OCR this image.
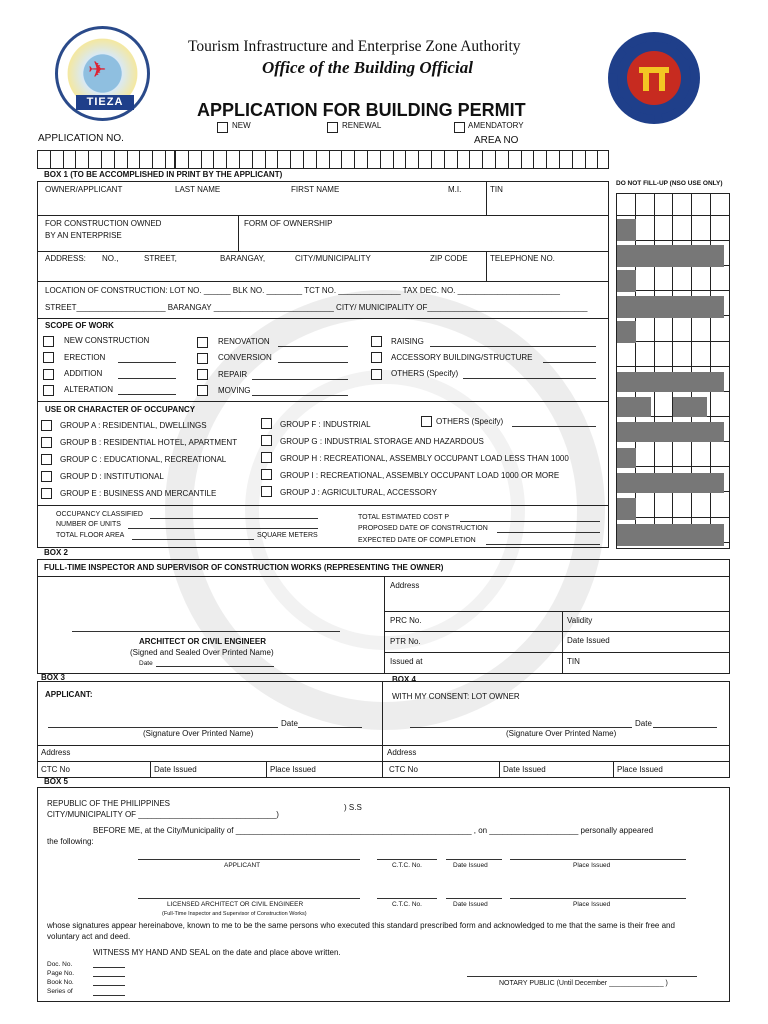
TIEZA
✈
Tourism Infrastructure and Enterprise Zone Authority
Office of the Building Official
APPLICATION FOR BUILDING PERMIT
NEW	RENEWAL	AMENDATORY
APPLICATION NO.	AREA NO
BOX 1 (TO BE ACCOMPLISHED IN PRINT BY THE APPLICANT)
DO NOT FILL-UP (NSO USE ONLY)
OWNER/APPLICANT	LAST NAME	FIRST NAME	M.I.	TIN
FOR CONSTRUCTION OWNED
BY AN ENTERPRISE
FORM OF OWNERSHIP
ADDRESS: NO.,	STREET,	BARANGAY,	CITY/MUNICIPALITY	ZIP CODE	TELEPHONE NO.
LOCATION OF CONSTRUCTION: LOT NO. ______ BLK NO. ________ TCT NO. ______________ TAX DEC. NO. _______________________
STREET____________________ BARANGAY ___________________________ CITY/ MUNICIPALITY OF____________________________________
SCOPE OF WORK
NEW CONSTRUCTION
ERECTION
ADDITION
ALTERATION
RENOVATION
CONVERSION
REPAIR
MOVING
RAISING
ACCESSORY BUILDING/STRUCTURE
OTHERS (Specify)
USE OR CHARACTER OF OCCUPANCY
GROUP A : RESIDENTIAL, DWELLINGS
GROUP B : RESIDENTIAL HOTEL, APARTMENT
GROUP C : EDUCATIONAL, RECREATIONAL
GROUP D : INSTITUTIONAL
GROUP E : BUSINESS AND MERCANTILE
GROUP F : INDUSTRIAL
GROUP G : INDUSTRIAL STORAGE AND HAZARDOUS
GROUP H : RECREATIONAL, ASSEMBLY OCCUPANT LOAD LESS THAN 1000
GROUP I : RECREATIONAL, ASSEMBLY OCCUPANT LOAD 1000 OR MORE
GROUP J : AGRICULTURAL, ACCESSORY
OTHERS (Specify)
OCCUPANCY CLASSIFIED
NUMBER OF UNITS
TOTAL FLOOR AREA	SQUARE METERS
TOTAL ESTIMATED COST P
PROPOSED DATE OF CONSTRUCTION
EXPECTED DATE OF COMPLETION
BOX 2
FULL-TIME INSPECTOR AND SUPERVISOR OF CONSTRUCTION WORKS (REPRESENTING THE OWNER)
Address
PRC No.	Validity
PTR No.	Date Issued
Issued at	TIN
ARCHITECT OR CIVIL ENGINEER
(Signed and Sealed Over Printed Name)
Date
BOX 3	BOX 4
APPLICANT:
Date
(Signature Over Printed Name)
WITH MY CONSENT: LOT OWNER
Date
(Signature Over Printed Name)
Address	Address
CTC No	Date Issued	Place Issued	CTC No	Date Issued	Place Issued
BOX 5
REPUBLIC OF THE PHILIPPINES
CITY/MUNICIPALITY OF _______________________________)
) S.S
BEFORE ME, at the City/Municipality of _____________________________________________________ , on ____________________ personally appeared
the following:
APPLICANT	C.T.C. No.	Date Issued	Place Issued
LICENSED ARCHITECT OR CIVIL ENGINEER
(Full-Time Inspector and Supervisor of Construction Works)
C.T.C. No.	Date Issued	Place Issued
whose signatures appear hereinabove, known to me to be the same persons who executed this standard prescribed form and acknowledged to me that the same is their free and
voluntary act and deed.
WITNESS MY HAND AND SEAL on the date and place above written.
Doc. No.
Page No.
Book No.
Series of
NOTARY PUBLIC (Until December ______________ )
